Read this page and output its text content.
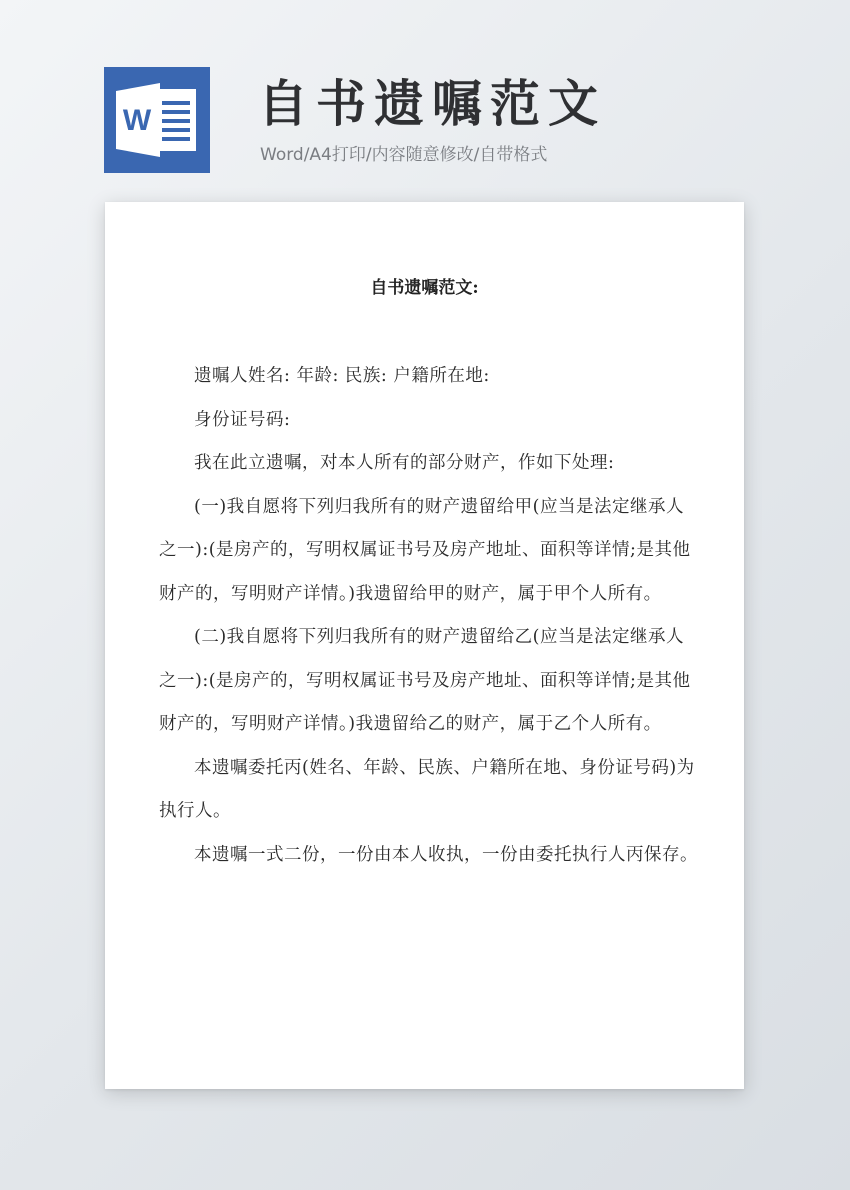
W 自书遗嘱范文
Word/A4打印/内容随意修改/自带格式
自书遗嘱范文:

遗嘱人姓名: 年龄: 民族: 户籍所在地:

身份证号码:

我在此立遗嘱，对本人所有的部分财产，作如下处理:

(一)我自愿将下列归我所有的财产遗留给甲(应当是法定继承人之一):(是房产的，写明权属证书号及房产地址、面积等详情;是其他财产的，写明财产详情。)我遗留给甲的财产，属于甲个人所有。

(二)我自愿将下列归我所有的财产遗留给乙(应当是法定继承人之一):(是房产的，写明权属证书号及房产地址、面积等详情;是其他财产的，写明财产详情。)我遗留给乙的财产，属于乙个人所有。

本遗嘱委托丙(姓名、年龄、民族、户籍所在地、身份证号码)为执行人。

本遗嘱一式二份，一份由本人收执，一份由委托执行人丙保存。
